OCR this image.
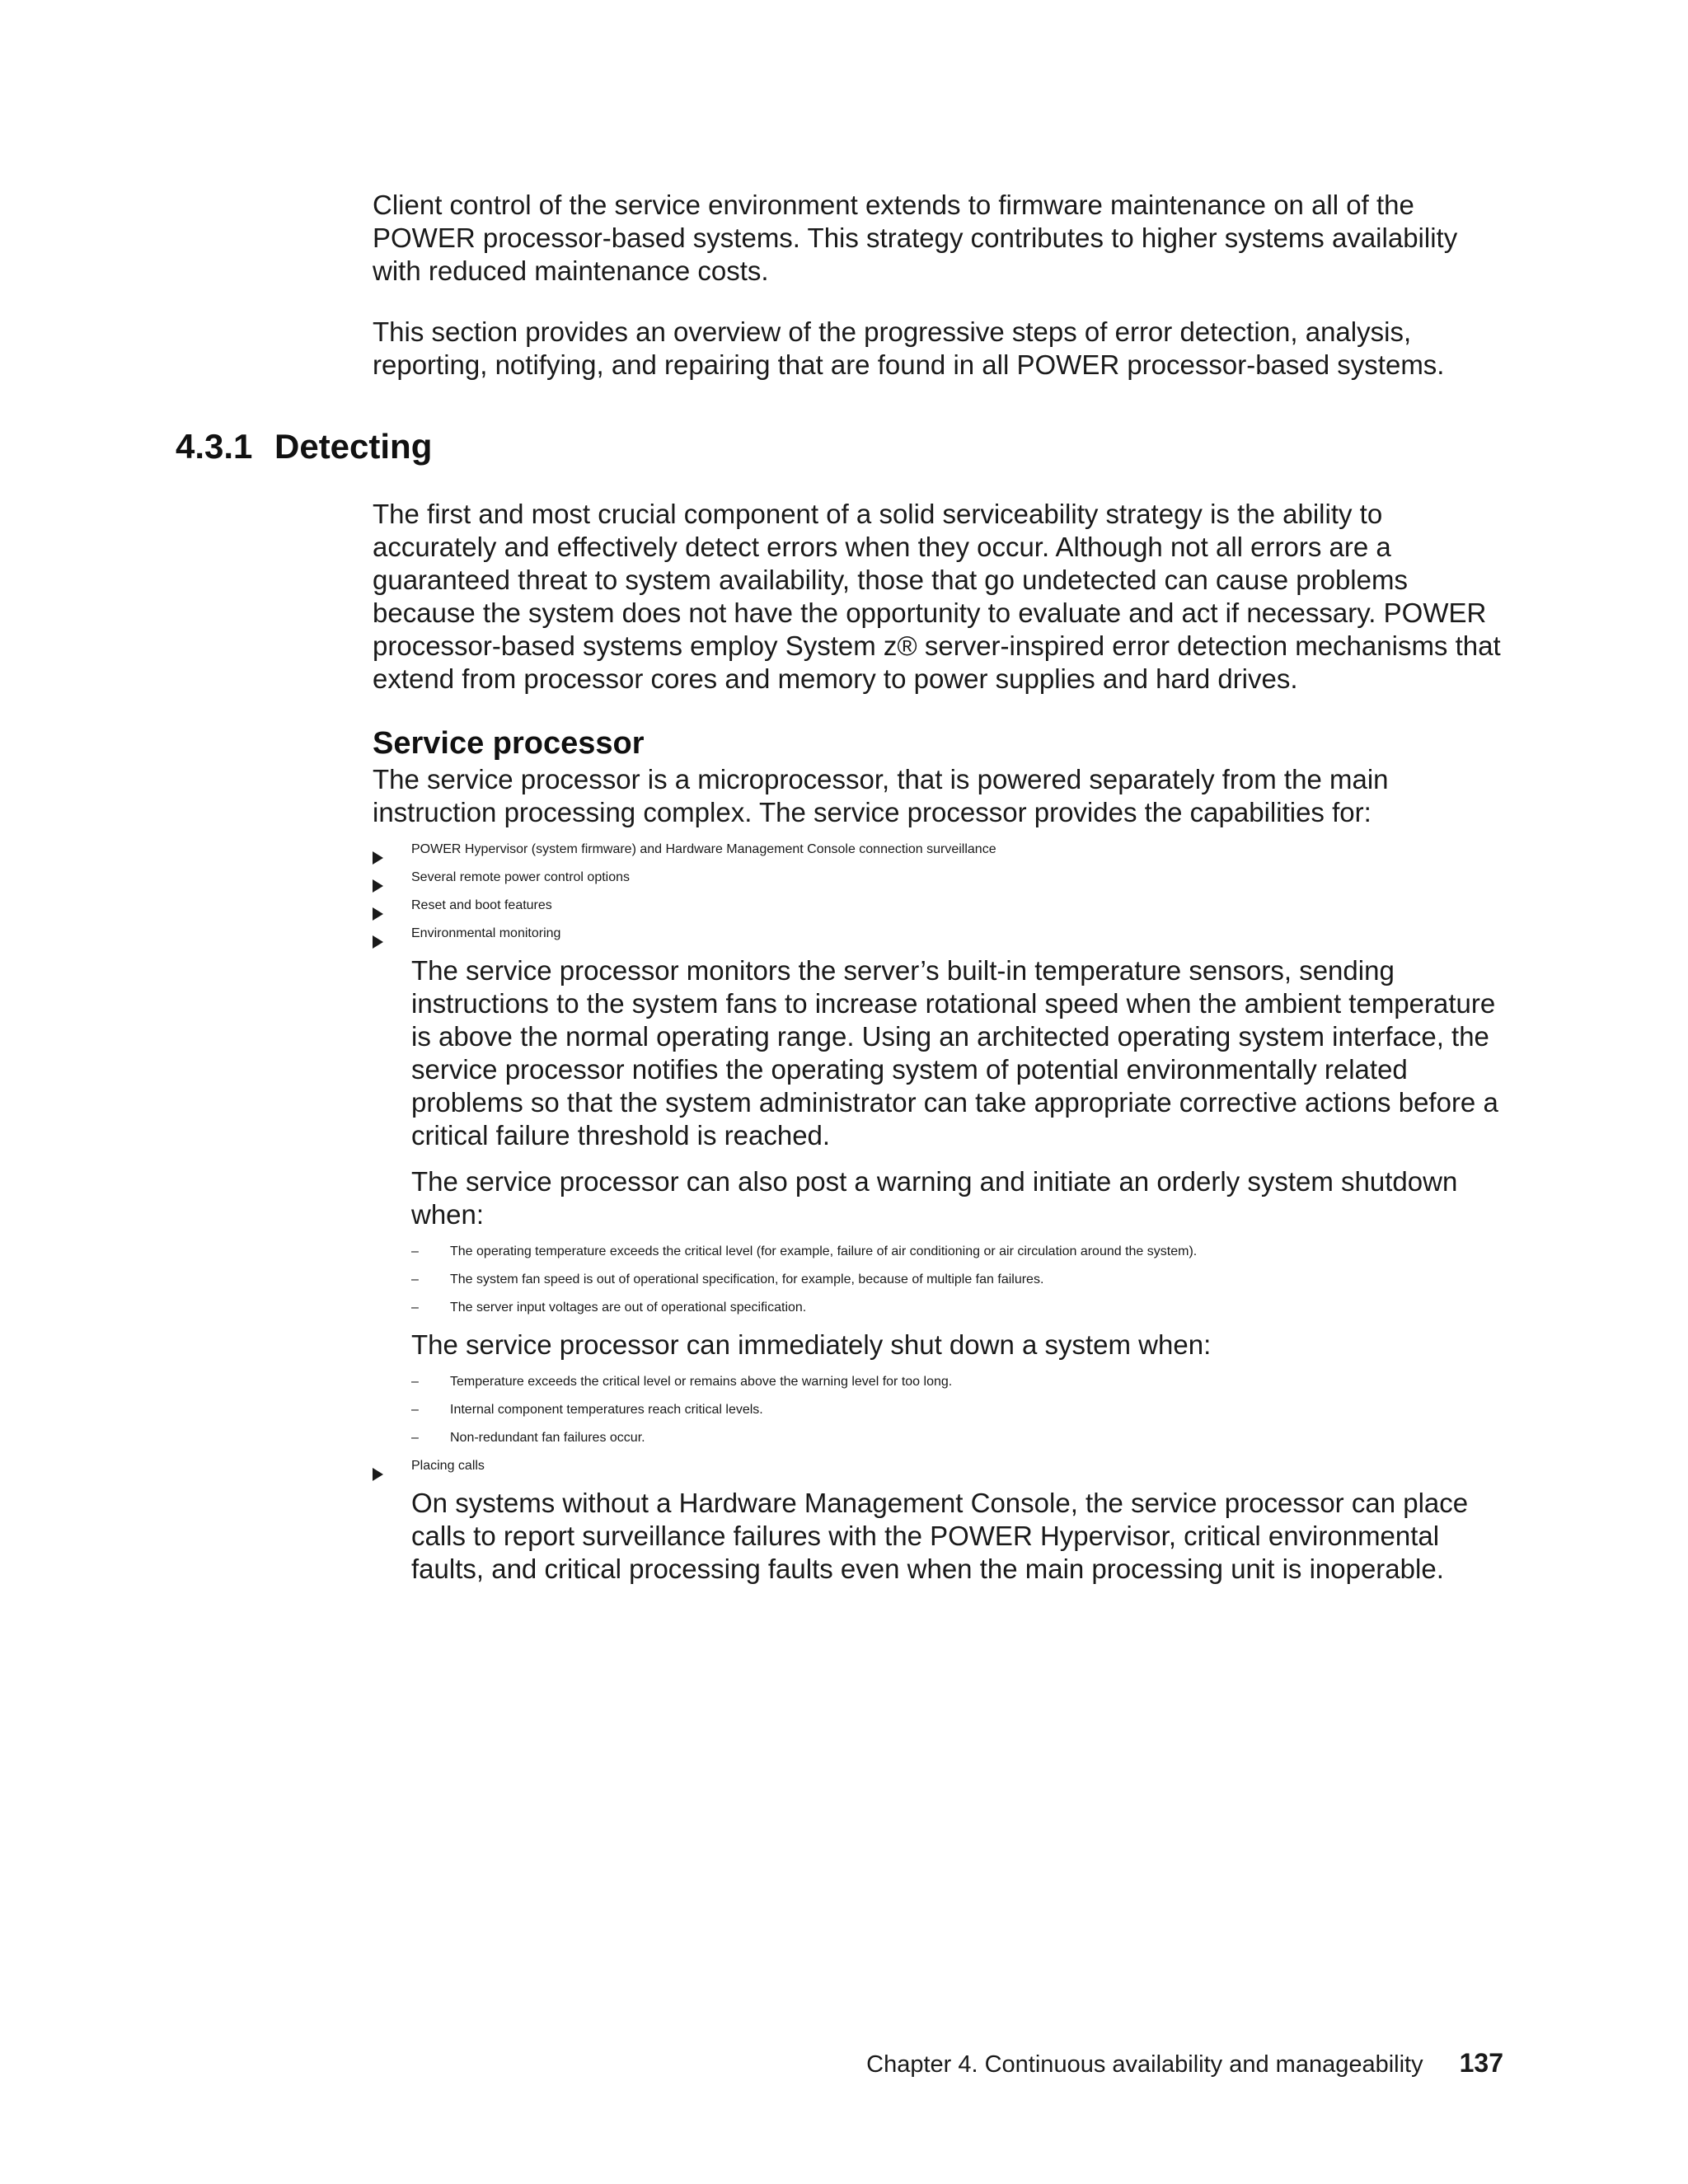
Client control of the service environment extends to firmware maintenance on all of the POWER processor-based systems. This strategy contributes to higher systems availability with reduced maintenance costs.

This section provides an overview of the progressive steps of error detection, analysis, reporting, notifying, and repairing that are found in all POWER processor-based systems.

4.3.1 Detecting

The first and most crucial component of a solid serviceability strategy is the ability to accurately and effectively detect errors when they occur. Although not all errors are a guaranteed threat to system availability, those that go undetected can cause problems because the system does not have the opportunity to evaluate and act if necessary. POWER processor-based systems employ System z® server-inspired error detection mechanisms that extend from processor cores and memory to power supplies and hard drives.

Service processor

The service processor is a microprocessor, that is powered separately from the main instruction processing complex. The service processor provides the capabilities for:

POWER Hypervisor (system firmware) and Hardware Management Console connection surveillance
Several remote power control options
Reset and boot features
Environmental monitoring

The service processor monitors the server’s built-in temperature sensors, sending instructions to the system fans to increase rotational speed when the ambient temperature is above the normal operating range. Using an architected operating system interface, the service processor notifies the operating system of potential environmentally related problems so that the system administrator can take appropriate corrective actions before a critical failure threshold is reached.

The service processor can also post a warning and initiate an orderly system shutdown when:

– The operating temperature exceeds the critical level (for example, failure of air conditioning or air circulation around the system).
– The system fan speed is out of operational specification, for example, because of multiple fan failures.
– The server input voltages are out of operational specification.

The service processor can immediately shut down a system when:

– Temperature exceeds the critical level or remains above the warning level for too long.
– Internal component temperatures reach critical levels.
– Non-redundant fan failures occur.
Placing calls

On systems without a Hardware Management Console, the service processor can place calls to report surveillance failures with the POWER Hypervisor, critical environmental faults, and critical processing faults even when the main processing unit is inoperable.

Chapter 4. Continuous availability and manageability 137
